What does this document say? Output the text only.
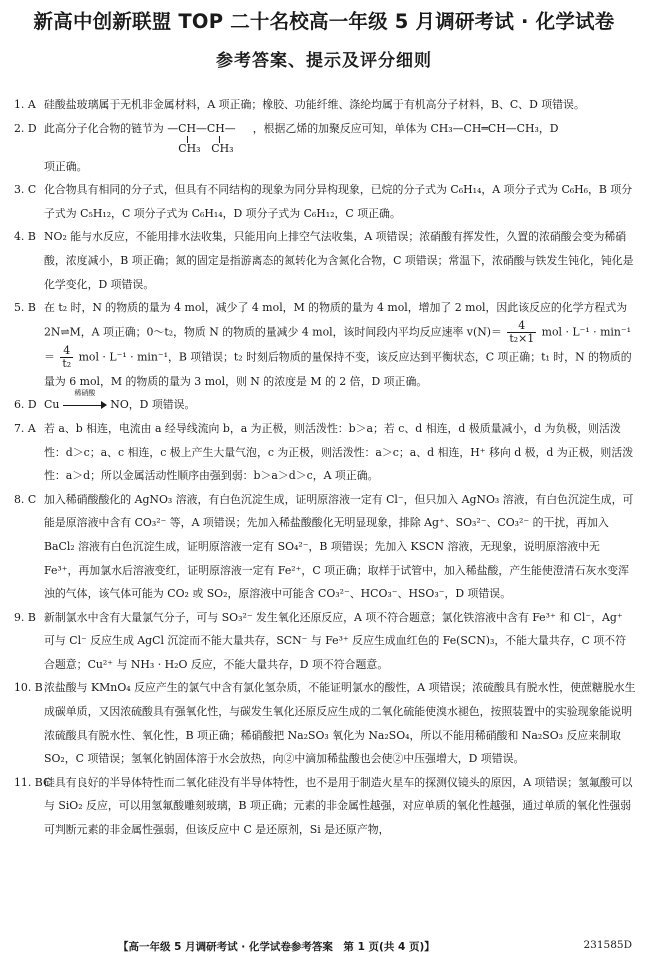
新高中创新联盟 TOP 二十名校高一年级 5 月调研考试 · 化学试卷
参考答案、提示及评分细则
1. A 硅酸盐玻璃属于无机非金属材料，A 项正确；橡胶、功能纤维、涤纶均属于有机高分子材料，B、C、D 项错误。
2. D 此高分子化合物的链节为 —CH—CH—
CH₃ CH₃
，根据乙烯的加聚反应可知，单体为 CH₃—CH═CH—CH₃，D
项正确。
3. C 化合物具有相同的分子式，但具有不同结构的现象为同分异构现象，已烷的分子式为 C₆H₁₄，A 项分子式为 C₆H₆，B 项分子式为 C₅H₁₂，C 项分子式为 C₆H₁₄，D 项分子式为 C₆H₁₂，C 项正确。
4. B NO₂ 能与水反应，不能用排水法收集，只能用向上排空气法收集，A 项错误；浓硝酸有挥发性，久置的浓硝酸会变为稀硝酸，浓度减小，B 项正确；氮的固定是指游离态的氮转化为含氮化合物，C 项错误；常温下，浓硝酸与铁发生钝化，钝化是化学变化，D 项错误。
5. B 在 t₂ 时，N 的物质的量为 4 mol，减少了 4 mol，M 的物质的量为 4 mol，增加了 2 mol，因此该反应的化学方程式为 2N⇌M，A 项正确；0～t₂，物质 N 的物质的量减少 4 mol，该时间段内平均反应速率 $v(N)= \frac{4}{\text{t₂×1}}$ mol · $L^{-1} \cdot \min^{-1}= \frac{4}{\text{t₂}}$ mol · L⁻¹ · min⁻¹，B 项错误；t₂ 时刻后物质的量保持不变，该反应达到平衡状态，C 项正确；t₁ 时，N 的物质的量为 6 mol，M 的物质的量为 3 mol，则 N 的浓度是 M 的 2 倍，D 项正确。
6. D Cu
稀硝酸
NO，D 项错误。
7. A 若 a、b 相连，电流由 a 经导线流向 b，a 为正极，则活泼性：b＞a；若 c、d 相连，d 极质量减小，d 为负极，则活泼性：d＞c；a、c 相连，c 极上产生大量气泡，c 为正极，则活泼性：a＞c；a、d 相连，H⁺ 移向 d 极，d 为正极，则活泼性：a＞d；所以金属活动性顺序由强到弱：b＞a＞d＞c，A 项正确。
8. C 加入稀硝酸酸化的 AgNO₃ 溶液，有白色沉淀生成，证明原溶液一定有 Cl⁻，但只加入 AgNO₃ 溶液，有白色沉淀生成，可能是原溶液中含有 CO₃²⁻ 等，A 项错误；先加入稀盐酸酸化无明显现象，排除 Ag⁺、SO₃²⁻、CO₃²⁻ 的干扰，再加入 BaCl₂ 溶液有白色沉淀生成，证明原溶液一定有 SO₄²⁻，B 项错误；先加入 KSCN 溶液，无现象，说明原溶液中无 Fe³⁺，再加氯水后溶液变红，证明原溶液一定有 Fe²⁺，C 项正确；取样于试管中，加入稀盐酸，产生能使澄清石灰水变浑浊的气体，该气体可能为 CO₂ 或 SO₂，原溶液中可能含 CO₃²⁻、HCO₃⁻、HSO₃⁻，D 项错误。
9. B 新制氯水中含有大量氯气分子，可与 SO₃²⁻ 发生氧化还原反应，A 项不符合题意；氯化铁溶液中含有 Fe³⁺ 和 Cl⁻，Ag⁺ 可与 Cl⁻ 反应生成 AgCl 沉淀而不能大量共存，SCN⁻ 与 Fe³⁺ 反应生成血红色的 Fe(SCN)₃，不能大量共存，C 项不符合题意；Cu²⁺ 与 NH₃ · H₂O 反应，不能大量共存，D 项不符合题意。
10. B 浓盐酸与 KMnO₄ 反应产生的氯气中含有氯化氢杂质，不能证明氯水的酸性，A 项错误；浓硫酸具有脱水性，使蔗糖脱水生成碳单质，又因浓硫酸具有强氧化性，与碳发生氧化还原反应生成的二氧化硫能使溴水褪色，按照装置中的实验现象能说明浓硫酸具有脱水性、氧化性，B 项正确；稀硝酸把 Na₂SO₃ 氧化为 Na₂SO₄，所以不能用稀硝酸和 Na₂SO₃ 反应来制取 SO₂，C 项错误；氢氧化钠固体溶于水会放热，向②中滴加稀盐酸也会使②中压强增大，D 项错误。
11. BC
硅具有良好的半导体特性而二氧化硅没有半导体特性，也不是用于制造火星车的探测仪镜头的原因，A 项错误；氢氟酸可以与 SiO₂ 反应，可以用氢氟酸雕刻玻璃，B 项正确；元素的非金属性越强，对应单质的氧化性越强，通过单质的氧化性强弱可判断元素的非金属性强弱，但该反应中 C 是还原剂，Si 是还原产物，
【高一年级 5 月调研考试 · 化学试卷参考答案　第 1 页(共 4 页)】	231585D
